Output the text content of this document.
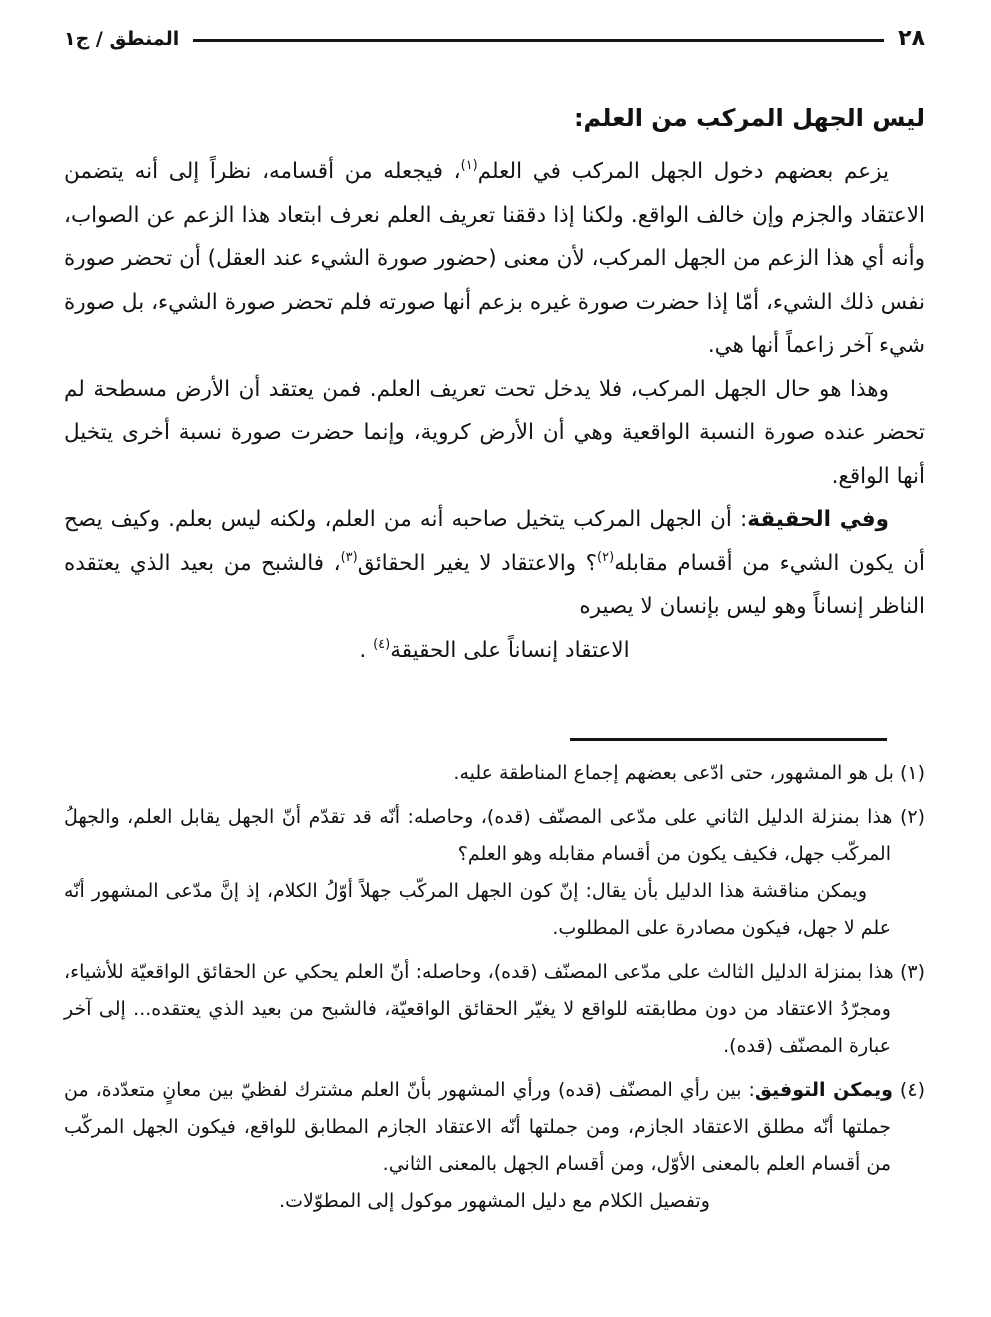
٢٨
المنطق / ج١
ليس الجهل المركب من العلم:

يزعم بعضهم دخول الجهل المركب في العلم$^{(١)}$، فيجعله من أقسامه، نظراً إلى أنه يتضمن الاعتقاد والجزم وإن خالف الواقع. ولكنا إذا دققنا تعريف العلم نعرف ابتعاد هذا الزعم عن الصواب، وأنه أي هذا الزعم من الجهل المركب، لأن معنى (حضور صورة الشيء عند العقل) أن تحضر صورة نفس ذلك الشيء، أمّا إذا حضرت صورة غيره بزعم أنها صورته فلم تحضر صورة الشيء، بل صورة شيء آخر زاعماً أنها هي.

وهذا هو حال الجهل المركب، فلا يدخل تحت تعريف العلم. فمن يعتقد أن الأرض مسطحة لم تحضر عنده صورة النسبة الواقعية وهي أن الأرض كروية، وإنما حضرت صورة نسبة أخرى يتخيل أنها الواقع.

وفي الحقيقة: أن الجهل المركب يتخيل صاحبه أنه من العلم، ولكنه ليس بعلم. وكيف يصح أن يكون الشيء من أقسام مقابله$^{(٢)}$؟ والاعتقاد لا يغير الحقائق$^{(٣)}$، فالشبح من بعيد الذي يعتقده الناظر إنساناً وهو ليس بإنسان لا يصيره

الاعتقاد إنساناً على الحقيقة$^{(٤)}$ .

(١) بل هو المشهور، حتى ادّعى بعضهم إجماع المناطقة عليه.

(٢) هذا بمنزلة الدليل الثاني على مدّعى المصنّف (قده)، وحاصله: أنّه قد تقدّم أنّ الجهل يقابل العلم، والجهلُ المركّب جهل، فكيف يكون من أقسام مقابله وهو العلم؟

ويمكن مناقشة هذا الدليل بأن يقال: إنّ كون الجهل المركّب جهلاً أوّلُ الكلام، إذ إنَّ مدّعى المشهور أنّه علم لا جهل، فيكون مصادرة على المطلوب.

(٣) هذا بمنزلة الدليل الثالث على مدّعى المصنّف (قده)، وحاصله: أنّ العلم يحكي عن الحقائق الواقعيّة للأشياء، ومجرّدُ الاعتقاد من دون مطابقته للواقع لا يغيّر الحقائق الواقعيّة، فالشبح من بعيد الذي يعتقده... إلى آخر عبارة المصنّف (قده).

(٤) ويمكن التوفيق: بين رأي المصنّف (قده) ورأي المشهور بأنّ العلم مشترك لفظيّ بين معانٍ متعدّدة، من جملتها أنّه مطلق الاعتقاد الجازم، ومن جملتها أنّه الاعتقاد الجازم المطابق للواقع، فيكون الجهل المركّب من أقسام العلم بالمعنى الأوّل، ومن أقسام الجهل بالمعنى الثاني.

وتفصيل الكلام مع دليل المشهور موكول إلى المطوّلات.
